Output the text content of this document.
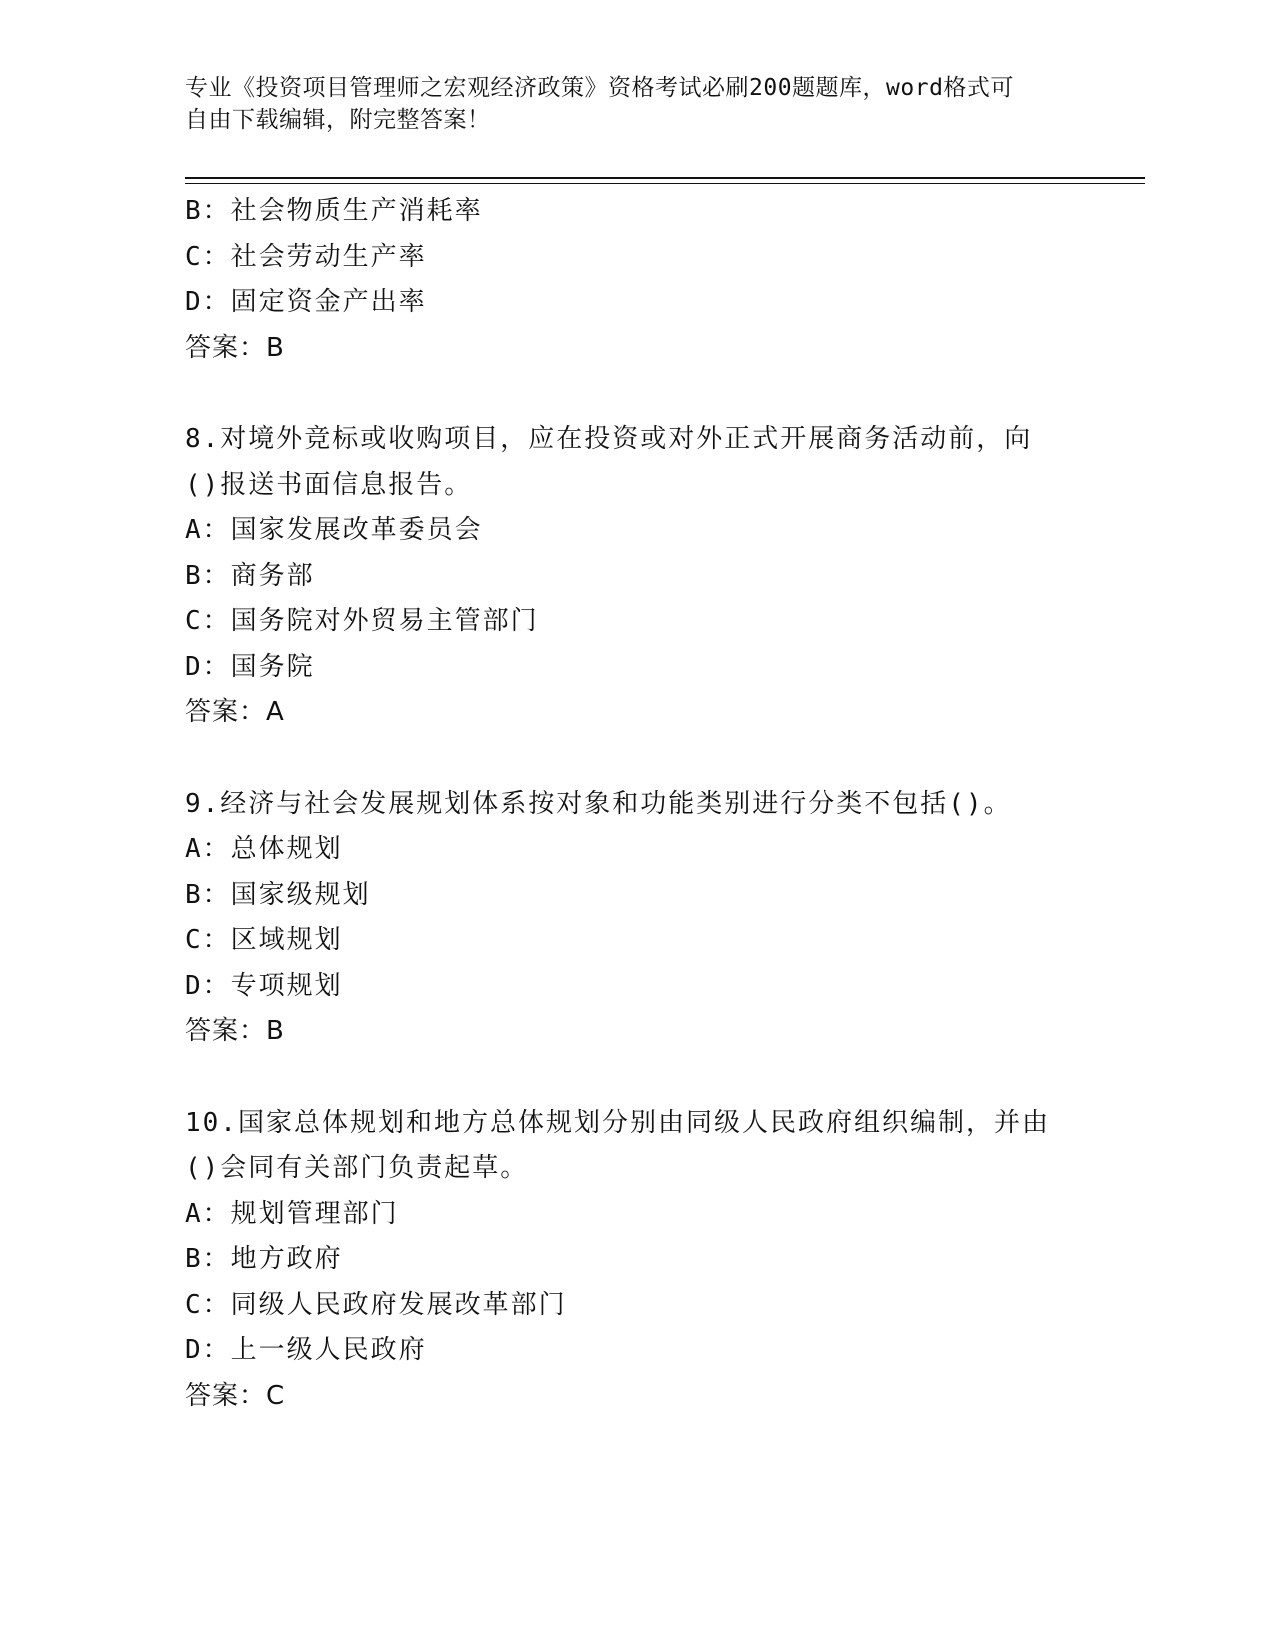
专业《投资项目管理师之宏观经济政策》资格考试必刷200题题库，word格式可
自由下载编辑，附完整答案！
B：社会物质生产消耗率
C：社会劳动生产率
D：固定资金产出率
答案：B
8.对境外竞标或收购项目，应在投资或对外正式开展商务活动前，向
()报送书面信息报告。
A：国家发展改革委员会
B：商务部
C：国务院对外贸易主管部门
D：国务院
答案：A
9.经济与社会发展规划体系按对象和功能类别进行分类不包括()。
A：总体规划
B：国家级规划
C：区域规划
D：专项规划
答案：B
10.国家总体规划和地方总体规划分别由同级人民政府组织编制，并由
()会同有关部门负责起草。
A：规划管理部门
B：地方政府
C：同级人民政府发展改革部门
D：上一级人民政府
答案：C
